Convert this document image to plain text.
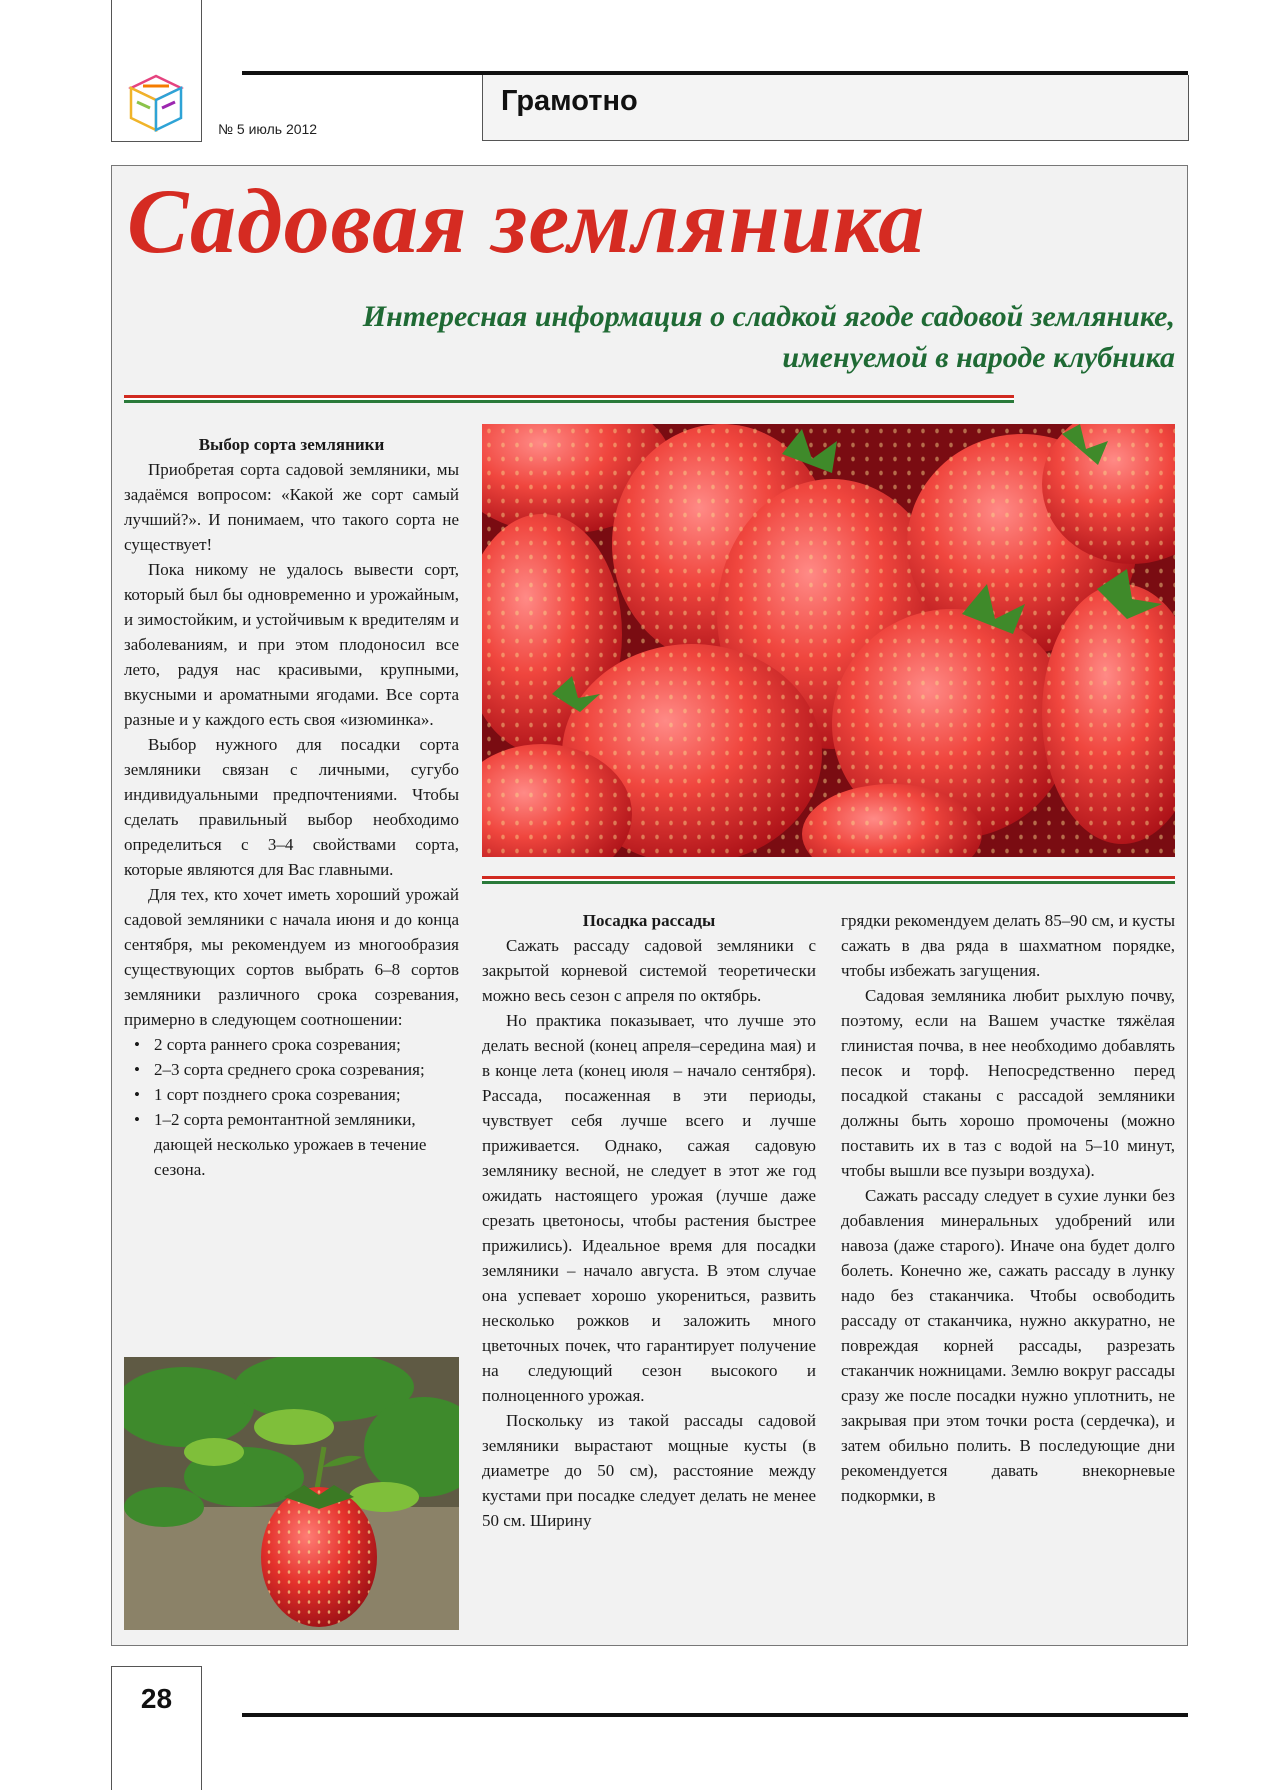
№ 5 июль 2012
Грамотно
Садовая земляника
Интересная информация о сладкой ягоде садовой землянике,
именуемой в народе клубника
Выбор сорта земляники

Приобретая сорта садовой земляники, мы задаёмся вопросом: «Какой же сорт самый лучший?». И понимаем, что такого сорта не существует!

Пока никому не удалось вывести сорт, который был бы одновременно и урожайным, и зимостойким, и устойчивым к вредителям и заболеваниям, и при этом плодоносил все лето, радуя нас красивыми, крупными, вкусными и ароматными ягодами. Все сорта разные и у каждого есть своя «изюминка».

Выбор нужного для посадки сорта земляники связан с личными, сугубо индивидуальными предпочтениями. Чтобы сделать правильный выбор необходимо определиться с 3–4 свойствами сорта, которые являются для Вас главными.

Для тех, кто хочет иметь хороший урожай садовой земляники с начала июня и до конца сентября, мы рекомендуем из многообразия существующих сортов выбрать 6–8 сортов земляники различного срока созревания, примерно в следующем соотношении:

• 2 сорта раннего срока созревания;
• 2–3 сорта среднего срока созревания;
• 1 сорт позднего срока созревания;
• 1–2 сорта ремонтантной земляники, дающей несколько урожаев в течение сезона.
Посадка рассады

Сажать рассаду садовой земляники с закрытой корневой системой теоретически можно весь сезон с апреля по октябрь.

Но практика показывает, что лучше это делать весной (конец апреля–середина мая) и в конце лета (конец июля – начало сентября). Рассада, посаженная в эти периоды, чувствует себя лучше всего и лучше приживается. Однако, сажая садовую землянику весной, не следует в этот же год ожидать настоящего урожая (лучше даже срезать цветоносы, чтобы растения быстрее прижились). Идеальное время для посадки земляники – начало августа. В этом случае она успевает хорошо укорениться, развить несколько рожков и заложить много цветочных почек, что гарантирует получение на следующий сезон высокого и полноценного урожая.

Поскольку из такой рассады садовой земляники вырастают мощные кусты (в диаметре до 50 см), расстояние между кустами при посадке следует делать не менее 50 см. Ширину

грядки рекомендуем делать 85–90 см, и кусты сажать в два ряда в шахматном порядке, чтобы избежать загущения.

Садовая земляника любит рыхлую почву, поэтому, если на Вашем участке тяжёлая глинистая почва, в нее необходимо добавлять песок и торф. Непосредственно перед посадкой стаканы с рассадой земляники должны быть хорошо промочены (можно поставить их в таз с водой на 5–10 минут, чтобы вышли все пузыри воздуха).

Сажать рассаду следует в сухие лунки без добавления минеральных удобрений или навоза (даже старого). Иначе она будет долго болеть. Конечно же, сажать рассаду в лунку надо без стаканчика. Чтобы освободить рассаду от стаканчика, нужно аккуратно, не повреждая корней рассады, разрезать стаканчик ножницами. Землю вокруг рассады сразу же после посадки нужно уплотнить, не закрывая при этом точки роста (сердечка), и затем обильно полить. В последующие дни рекомендуется давать внекорневые подкормки, в

28
